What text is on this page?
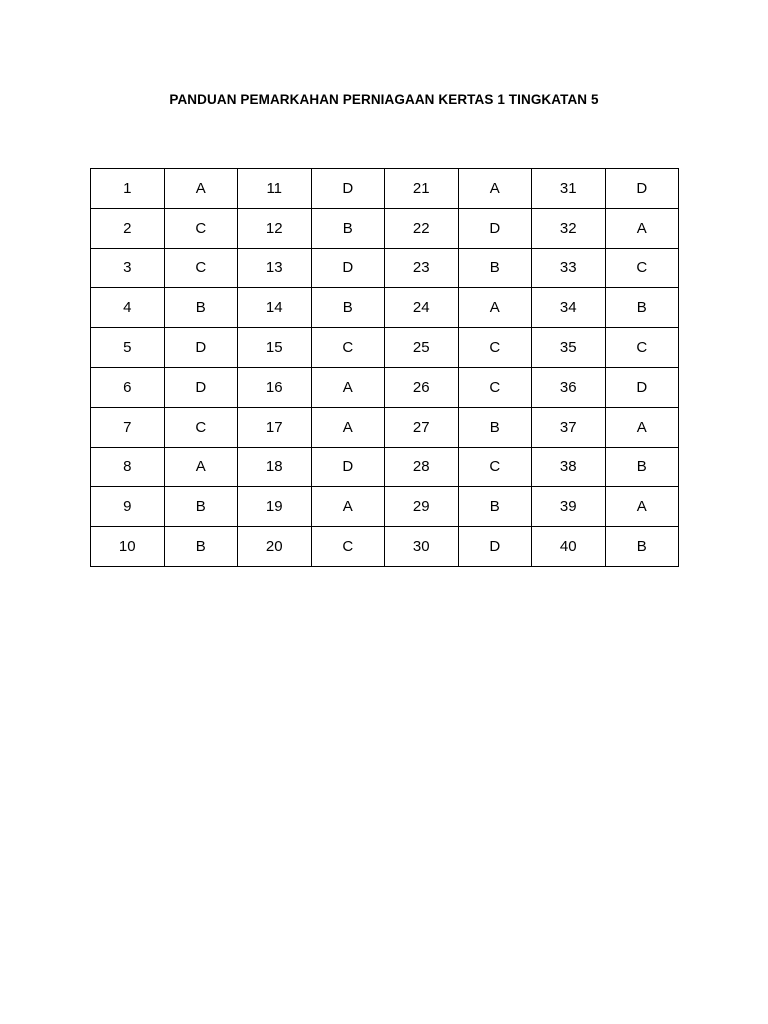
PANDUAN PEMARKAHAN PERNIAGAAN KERTAS 1 TINGKATAN 5
1	A	11	D	21	A	31	D
2	C	12	B	22	D	32	A
3	C	13	D	23	B	33	C
4	B	14	B	24	A	34	B
5	D	15	C	25	C	35	C
6	D	16	A	26	C	36	D
7	C	17	A	27	B	37	A
8	A	18	D	28	C	38	B
9	B	19	A	29	B	39	A
10	B	20	C	30	D	40	B
